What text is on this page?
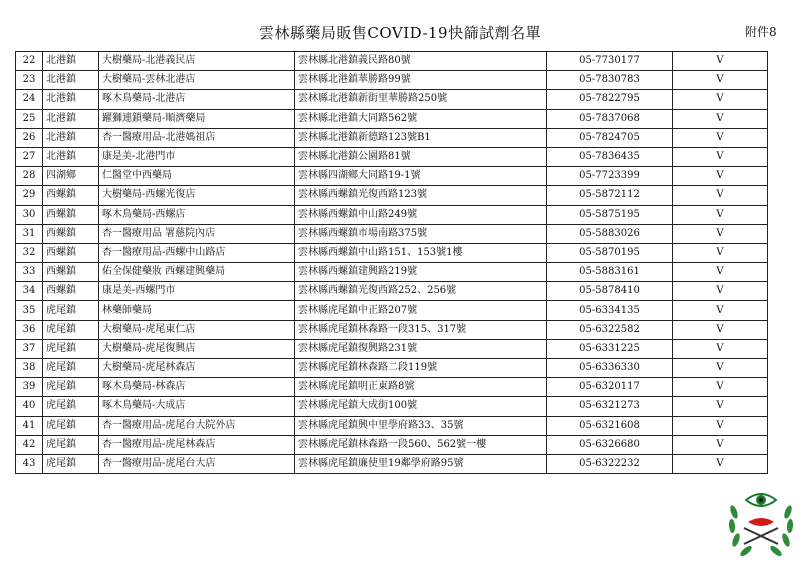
雲林縣藥局販售COVID-19快篩試劑名單	附件8
22	北港鎮	大樹藥局-北港義民店	雲林縣北港鎮義民路80號	05-7730177	V
23	北港鎮	大樹藥局-雲林北港店	雲林縣北港鎮華勝路99號	05-7830783	V
24	北港鎮	啄木鳥藥局-北港店	雲林縣北港鎮新街里華勝路250號	05-7822795	V
25	北港鎮	躍獅連鎖藥局-順濟藥局	雲林縣北港鎮大同路562號	05-7837068	V
26	北港鎮	杏一醫療用品-北港媽祖店	雲林縣北港鎮新德路123號B1	05-7824705	V
27	北港鎮	康是美-北港門市	雲林縣北港鎮公園路81號	05-7836435	V
28	四湖鄉	仁醫堂中西藥局	雲林縣四湖鄉大同路19-1號	05-7723399	V
29	西螺鎮	大樹藥局-西螺光復店	雲林縣西螺鎮光復西路123號	05-5872112	V
30	西螺鎮	啄木鳥藥局-西螺店	雲林縣西螺鎮中山路249號	05-5875195	V
31	西螺鎮	杏一醫療用品 署慈院內店	雲林縣西螺鎮市場南路375號	05-5883026	V
32	西螺鎮	杏一醫療用品-西螺中山路店	雲林縣西螺鎮中山路151、153號1樓	05-5870195	V
33	西螺鎮	佑全保健藥妝 西螺建興藥局	雲林縣西螺鎮建興路219號	05-5883161	V
34	西螺鎮	康是美-西螺門市	雲林縣西螺鎮光復西路252、256號	05-5878410	V
35	虎尾鎮	林藥師藥局	雲林縣虎尾鎮中正路207號	05-6334135	V
36	虎尾鎮	大樹藥局-虎尾東仁店	雲林縣虎尾鎮林森路一段315、317號	05-6322582	V
37	虎尾鎮	大樹藥局-虎尾復興店	雲林縣虎尾鎮復興路231號	05-6331225	V
38	虎尾鎮	大樹藥局-虎尾林森店	雲林縣虎尾鎮林森路二段119號	05-6336330	V
39	虎尾鎮	啄木鳥藥局-林森店	雲林縣虎尾鎮明正東路8號	05-6320117	V
40	虎尾鎮	啄木鳥藥局-大成店	雲林縣虎尾鎮大成街100號	05-6321273	V
41	虎尾鎮	杏一醫療用品-虎尾台大院外店	雲林縣虎尾鎮興中里學府路33、35號	05-6321608	V
42	虎尾鎮	杏一醫療用品-虎尾林森店	雲林縣虎尾鎮林森路一段560、562號一樓	05-6326680	V
43	虎尾鎮	杏一醫療用品-虎尾台大店	雲林縣虎尾鎮廉使里19鄰學府路95號	05-6322232	V
